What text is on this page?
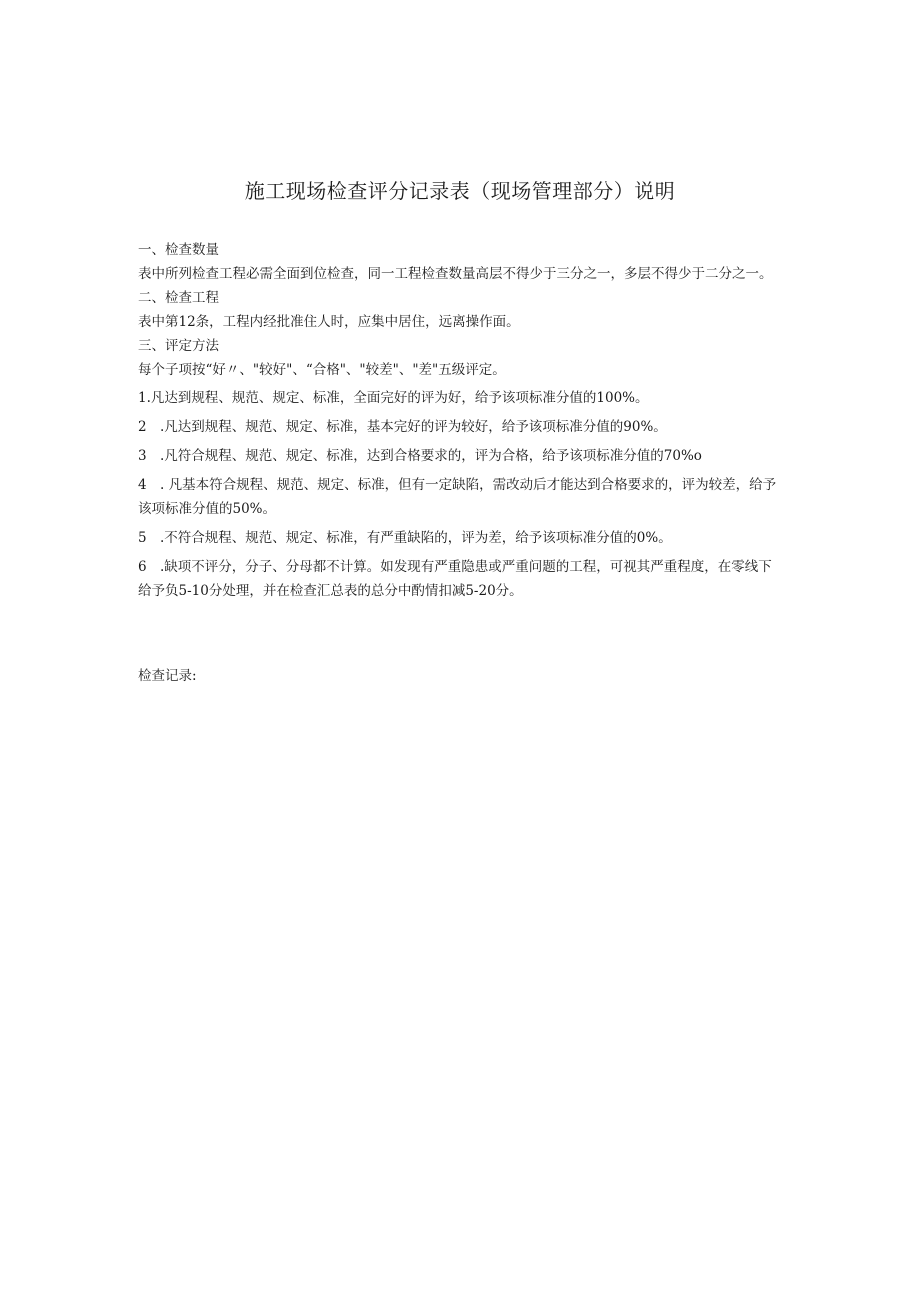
施工现场检查评分记录表（现场管理部分）说明

一、检查数量

表中所列检查工程必需全面到位检查，同一工程检查数量高层不得少于三分之一，多层不得少于二分之一。

二、检查工程

表中第12条，工程内经批准住人时，应集中居住，远离操作面。

三、评定方法

每个子项按“好〃、"较好"、“合格"、"较差"、"差"五级评定。

1.凡达到规程、规范、规定、标准，全面完好的评为好，给予该项标准分值的100%。

2 .凡达到规程、规范、规定、标准，基本完好的评为较好，给予该项标准分值的90%。

3 .凡符合规程、规范、规定、标准，达到合格要求的，评为合格，给予该项标准分值的70%o

4 . 凡基本符合规程、规范、规定、标准，但有一定缺陷，需改动后才能达到合格要求的，评为较差，给予该项标准分值的50%。

5 .不符合规程、规范、规定、标准，有严重缺陷的，评为差，给予该项标准分值的0%。

6 .缺项不评分，分子、分母都不计算。如发现有严重隐患或严重问题的工程，可视其严重程度，在零线下给予负5-10分处理，并在检查汇总表的总分中酌情扣减5-20分。

检查记录:
